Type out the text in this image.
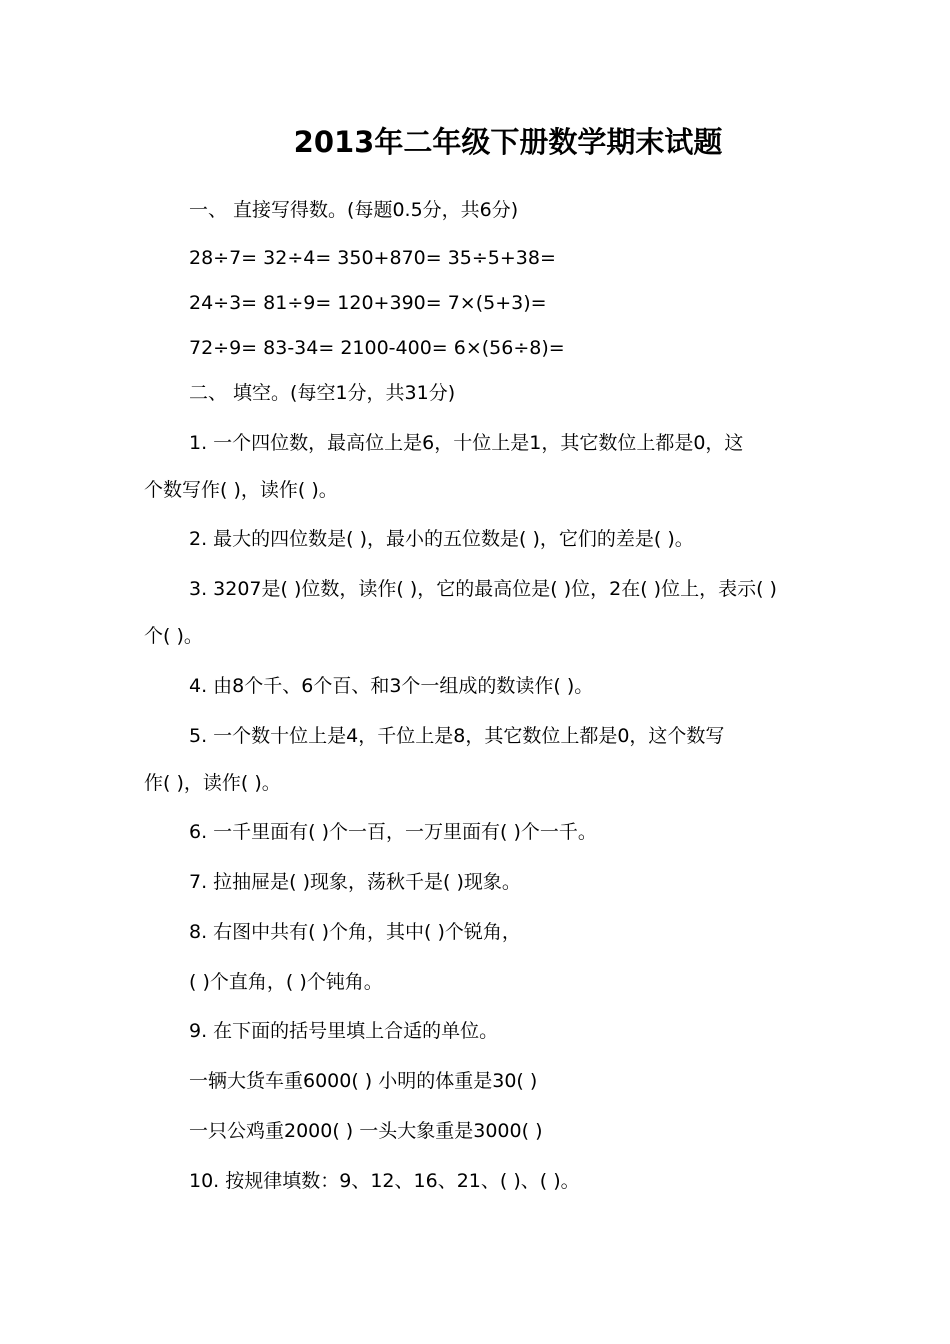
2013年二年级下册数学期末试题
一、 直接写得数。(每题0.5分，共6分)
28÷7= 32÷4= 350+870= 35÷5+38=
24÷3= 81÷9= 120+390= 7×(5+3)=
72÷9= 83-34= 2100-400= 6×(56÷8)=
二、 填空。(每空1分，共31分)
1. 一个四位数，最高位上是6，十位上是1，其它数位上都是0，这
个数写作( )，读作( )。
2. 最大的四位数是( )，最小的五位数是( )，它们的差是( )。
3. 3207是( )位数，读作( )，它的最高位是( )位，2在( )位上，表示( )
个( )。
4. 由8个千、6个百、和3个一组成的数读作( )。
5. 一个数十位上是4，千位上是8，其它数位上都是0，这个数写
作( )，读作( )。
6. 一千里面有( )个一百，一万里面有( )个一千。
7. 拉抽屉是( )现象，荡秋千是( )现象。
8. 右图中共有( )个角，其中( )个锐角，
( )个直角，( )个钝角。
9. 在下面的括号里填上合适的单位。
一辆大货车重6000( ) 小明的体重是30( )
一只公鸡重2000( ) 一头大象重是3000( )
10. 按规律填数：9、12、16、21、( )、( )。
